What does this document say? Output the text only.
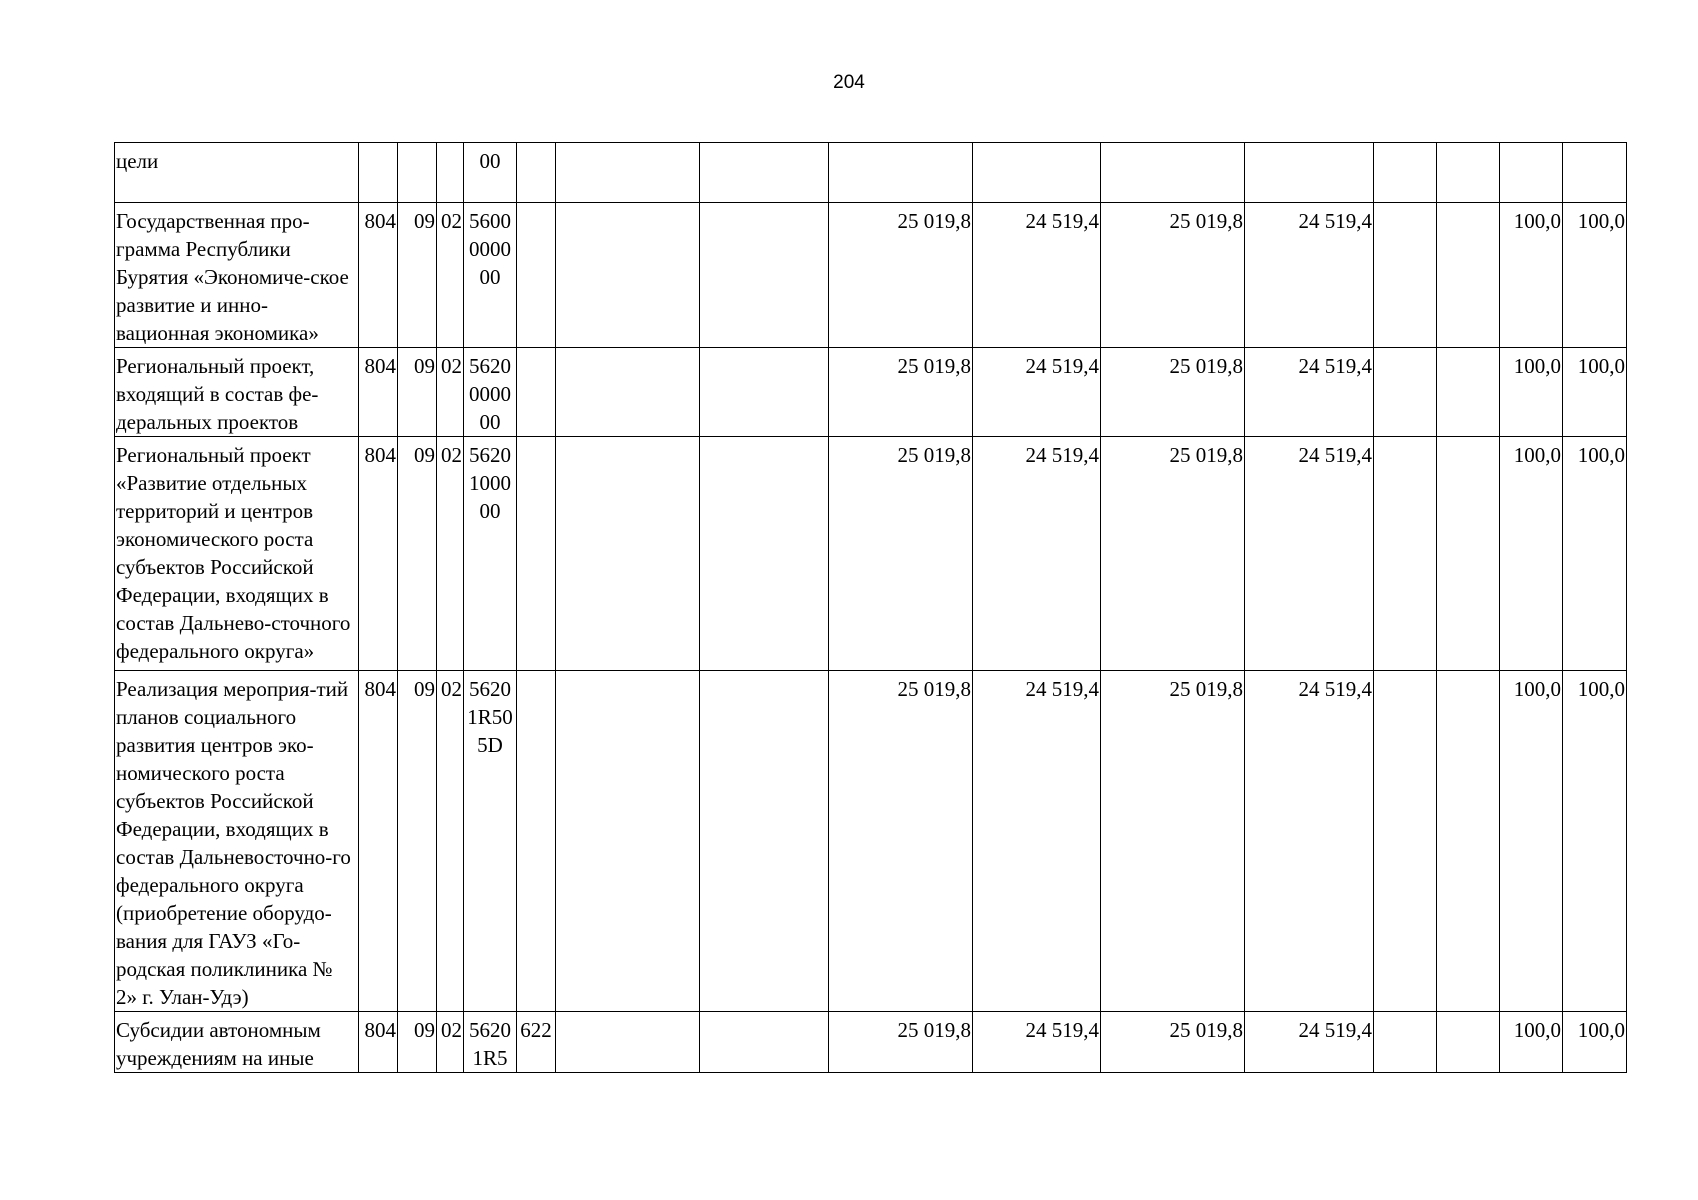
204
цели				00											
Государственная про-грамма Республики Бурятия «Экономиче-ское развитие и инно-вационная экономика»	804	09	02	5600000000				25 019,8	24 519,4	25 019,8	24 519,4			100,0	100,0
Региональный проект, входящий в состав фе-деральных проектов	804	09	02	5620000000				25 019,8	24 519,4	25 019,8	24 519,4			100,0	100,0
Региональный проект «Развитие отдельных территорий и центров экономического роста субъектов Российской Федерации, входящих в состав Дальнево-сточного федерального округа»	804	09	02	5620100000				25 019,8	24 519,4	25 019,8	24 519,4			100,0	100,0
Реализация мероприя-тий планов социального развития центров эко-номического роста субъектов Российской Федерации, входящих в состав Дальневосточно-го федерального округа (приобретение оборудо-вания для ГАУЗ «Го-родская поликлиника № 2» г. Улан-Удэ)	804	09	02	56201R505D				25 019,8	24 519,4	25 019,8	24 519,4			100,0	100,0
Субсидии автономным учреждениям на иные	804	09	02	56201R5	622			25 019,8	24 519,4	25 019,8	24 519,4			100,0	100,0
